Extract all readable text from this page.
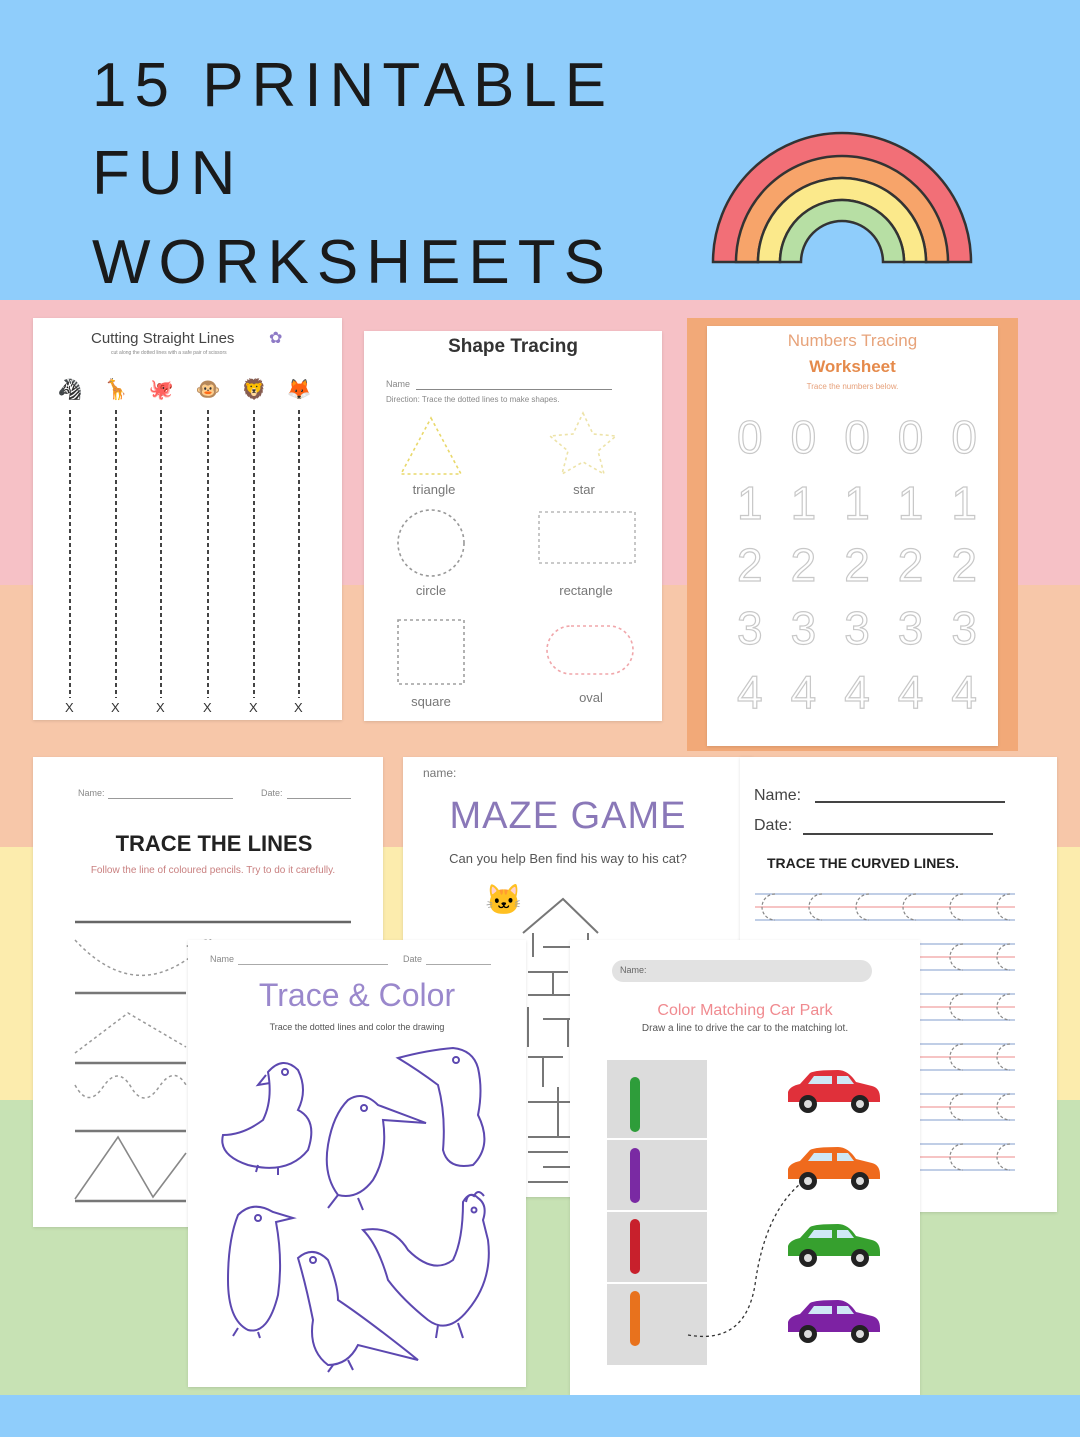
15 PRINTABLE
FUN
WORKSHEETS
Cutting Straight Lines ✿
cut along the dotted lines with a safe pair of scissors
🦓 🦒 🐙 🐵 🦁 🦊
X	X	X	X	X	X
Shape Tracing
Name
Direction: Trace the dotted lines to make shapes.
triangle	star
circle	rectangle
square	oval
Numbers Tracing
Worksheet
Trace the numbers below.
0 0 0 0 0
1 1 1 1 1
2 2 2 2 2
3 3 3 3 3
4 4 4 4 4
Name:	Date:
TRACE THE LINES
Follow the line of coloured pencils. Try to do it carefully.
name:
MAZE GAME
Can you help Ben find his way to his cat?
🐱
Name:
Date:
TRACE THE CURVED LINES.
Name	Date
Trace & Color
Trace the dotted lines and color the drawing
Name:
Color Matching Car Park
Draw a line to drive the car to the matching lot.
